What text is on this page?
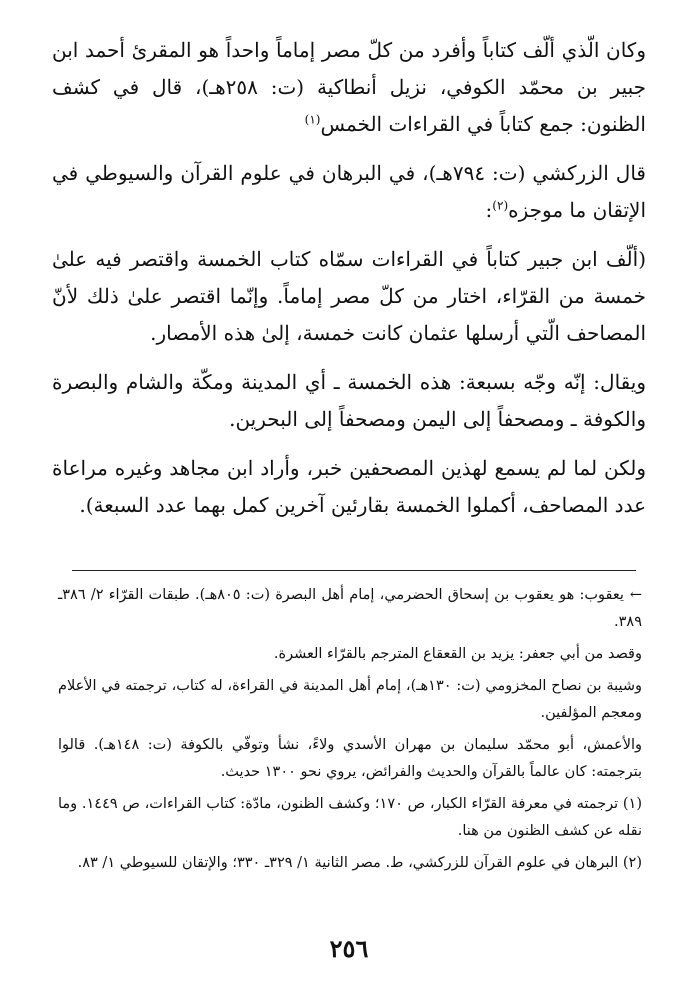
وكان الّذي ألّف كتاباً وأفرد من كلّ مصر إماماً واحداً هو المقرئ أحمد ابن جبير بن محمّد الكوفي، نزيل أنطاكية (ت: ٢٥٨هـ)، قال في كشف الظنون: جمع كتاباً في القراءات الخمس$^{(١)}$

قال الزركشي (ت: ٧٩٤هـ)، في البرهان في علوم القرآن والسيوطي في الإتقان ما موجزه$^{(٢)}$:

(ألّف ابن جبير كتاباً في القراءات سمّاه كتاب الخمسة واقتصر فيه علىٰ خمسة من القرّاء، اختار من كلّ مصر إماماً. وإنّما اقتصر علىٰ ذلك لأنّ المصاحف الّتي أرسلها عثمان كانت خمسة، إلىٰ هذه الأمصار.

ويقال: إنّه وجّه بسبعة: هذه الخمسة ـ أي المدينة ومكّة والشام والبصرة والكوفة ـ ومصحفاً إلى اليمن ومصحفاً إلى البحرين.

ولكن لما لم يسمع لهذين المصحفين خبر، وأراد ابن مجاهد وغيره مراعاة عدد المصاحف، أكملوا الخمسة بقارئين آخرين كمل بهما عدد السبعة).

←يعقوب: هو يعقوب بن إسحاق الحضرمي، إمام أهل البصرة (ت: ٨٠٥هـ). طبقات القرّاء ٢/ ٣٨٦ـ ٣٨٩.

وقصد من أبي جعفر: يزيد بن القعقاع المترجم بالقرّاء العشرة.

وشيبة بن نصاح المخزومي (ت: ١٣٠هـ)، إمام أهل المدينة في القراءة، له كتاب، ترجمته في الأعلام ومعجم المؤلفين.

والأعمش، أبو محمّد سليمان بن مهران الأسدي ولاءً، نشأ وتوفّي بالكوفة (ت: ١٤٨هـ). قالوا بترجمته: كان عالماً بالقرآن والحديث والفرائض، يروي نحو ١٣٠٠ حديث.

(١) ترجمته في معرفة القرّاء الكبار، ص ١٧٠؛ وكشف الظنون، مادّة: كتاب القراءات، ص ١٤٤٩. وما نقله عن كشف الظنون من هنا.

(٢) البرهان في علوم القرآن للزركشي، ط. مصر الثانية ١/ ٣٢٩ـ ٣٣٠؛ والإتقان للسيوطي ١/ ٨٣.

٢٥٦
